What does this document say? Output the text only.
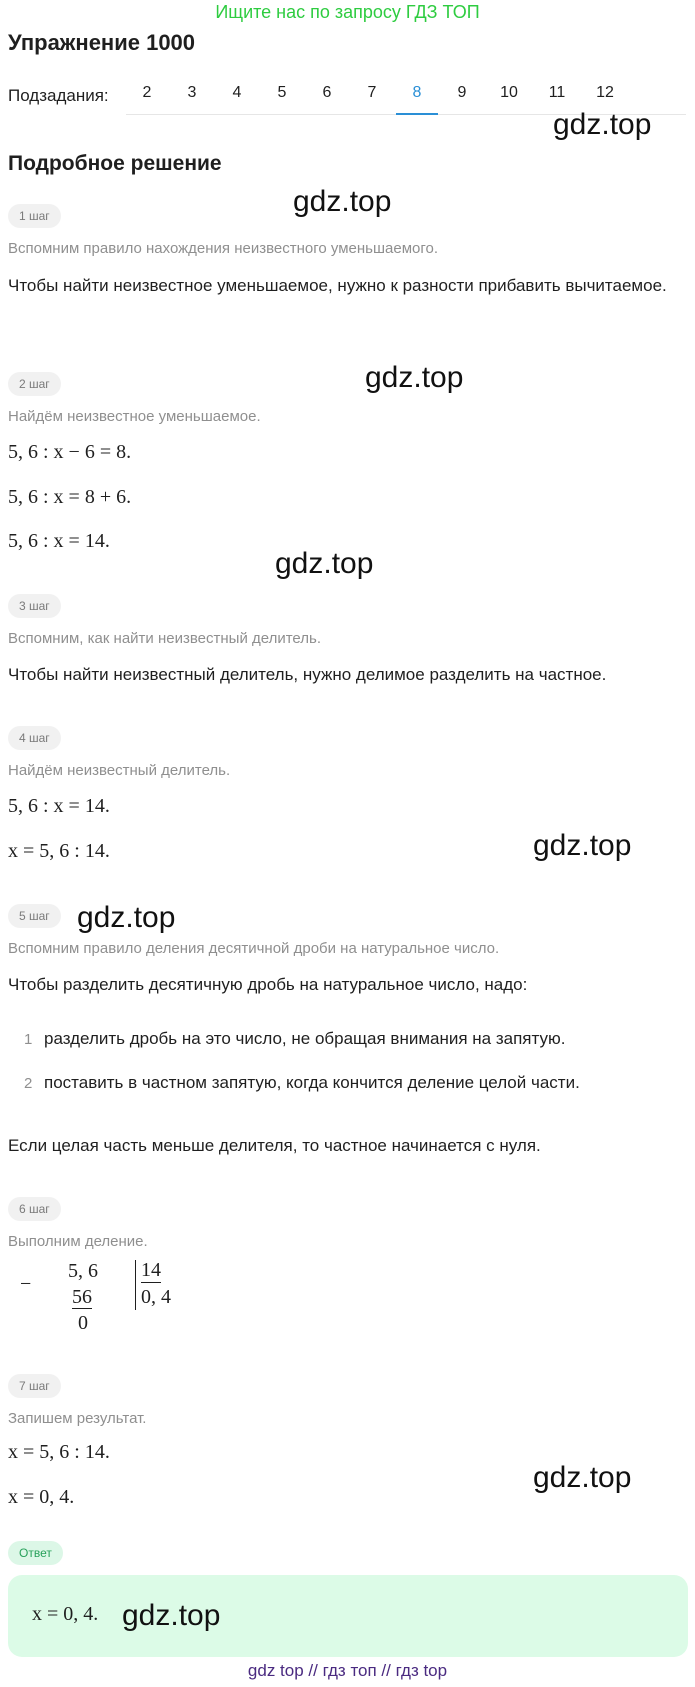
Ищите нас по запросу ГДЗ ТОП
Упражнение 1000
Подзадания:	2	3	4	5	6	7	8	9	10	11	12
gdz.top
Подробное решение
1 шаг	gdz.top
Вспомним правило нахождения неизвестного уменьшаемого.
Чтобы найти неизвестное уменьшаемое, нужно к разности прибавить вычитаемое.
2 шаг	gdz.top
Найдём неизвестное уменьшаемое.
5, 6 : x − 6 = 8.
5, 6 : x = 8 + 6.
5, 6 : x = 14.
gdz.top
3 шаг
Вспомним, как найти неизвестный делитель.
Чтобы найти неизвестный делитель, нужно делимое разделить на частное.
4 шаг
Найдём неизвестный делитель.
5, 6 : x = 14.
x = 5, 6 : 14.	gdz.top
5 шаг gdz.top
Вспомним правило деления десятичной дроби на натуральное число.
Чтобы разделить десятичную дробь на натуральное число, надо:
1 разделить дробь на это число, не обращая внимания на запятую.
2 поставить в частном запятую, когда кончится деление целой части.
Если целая часть меньше делителя, то частное начинается с нуля.
6 шаг
Выполним деление.
−
5, 6
56
0
14
0, 4
7 шаг
Запишем результат.
x = 5, 6 : 14.
x = 0, 4.
gdz.top
Ответ
x = 0, 4. gdz.top
gdz top // гдз топ // гдз top
